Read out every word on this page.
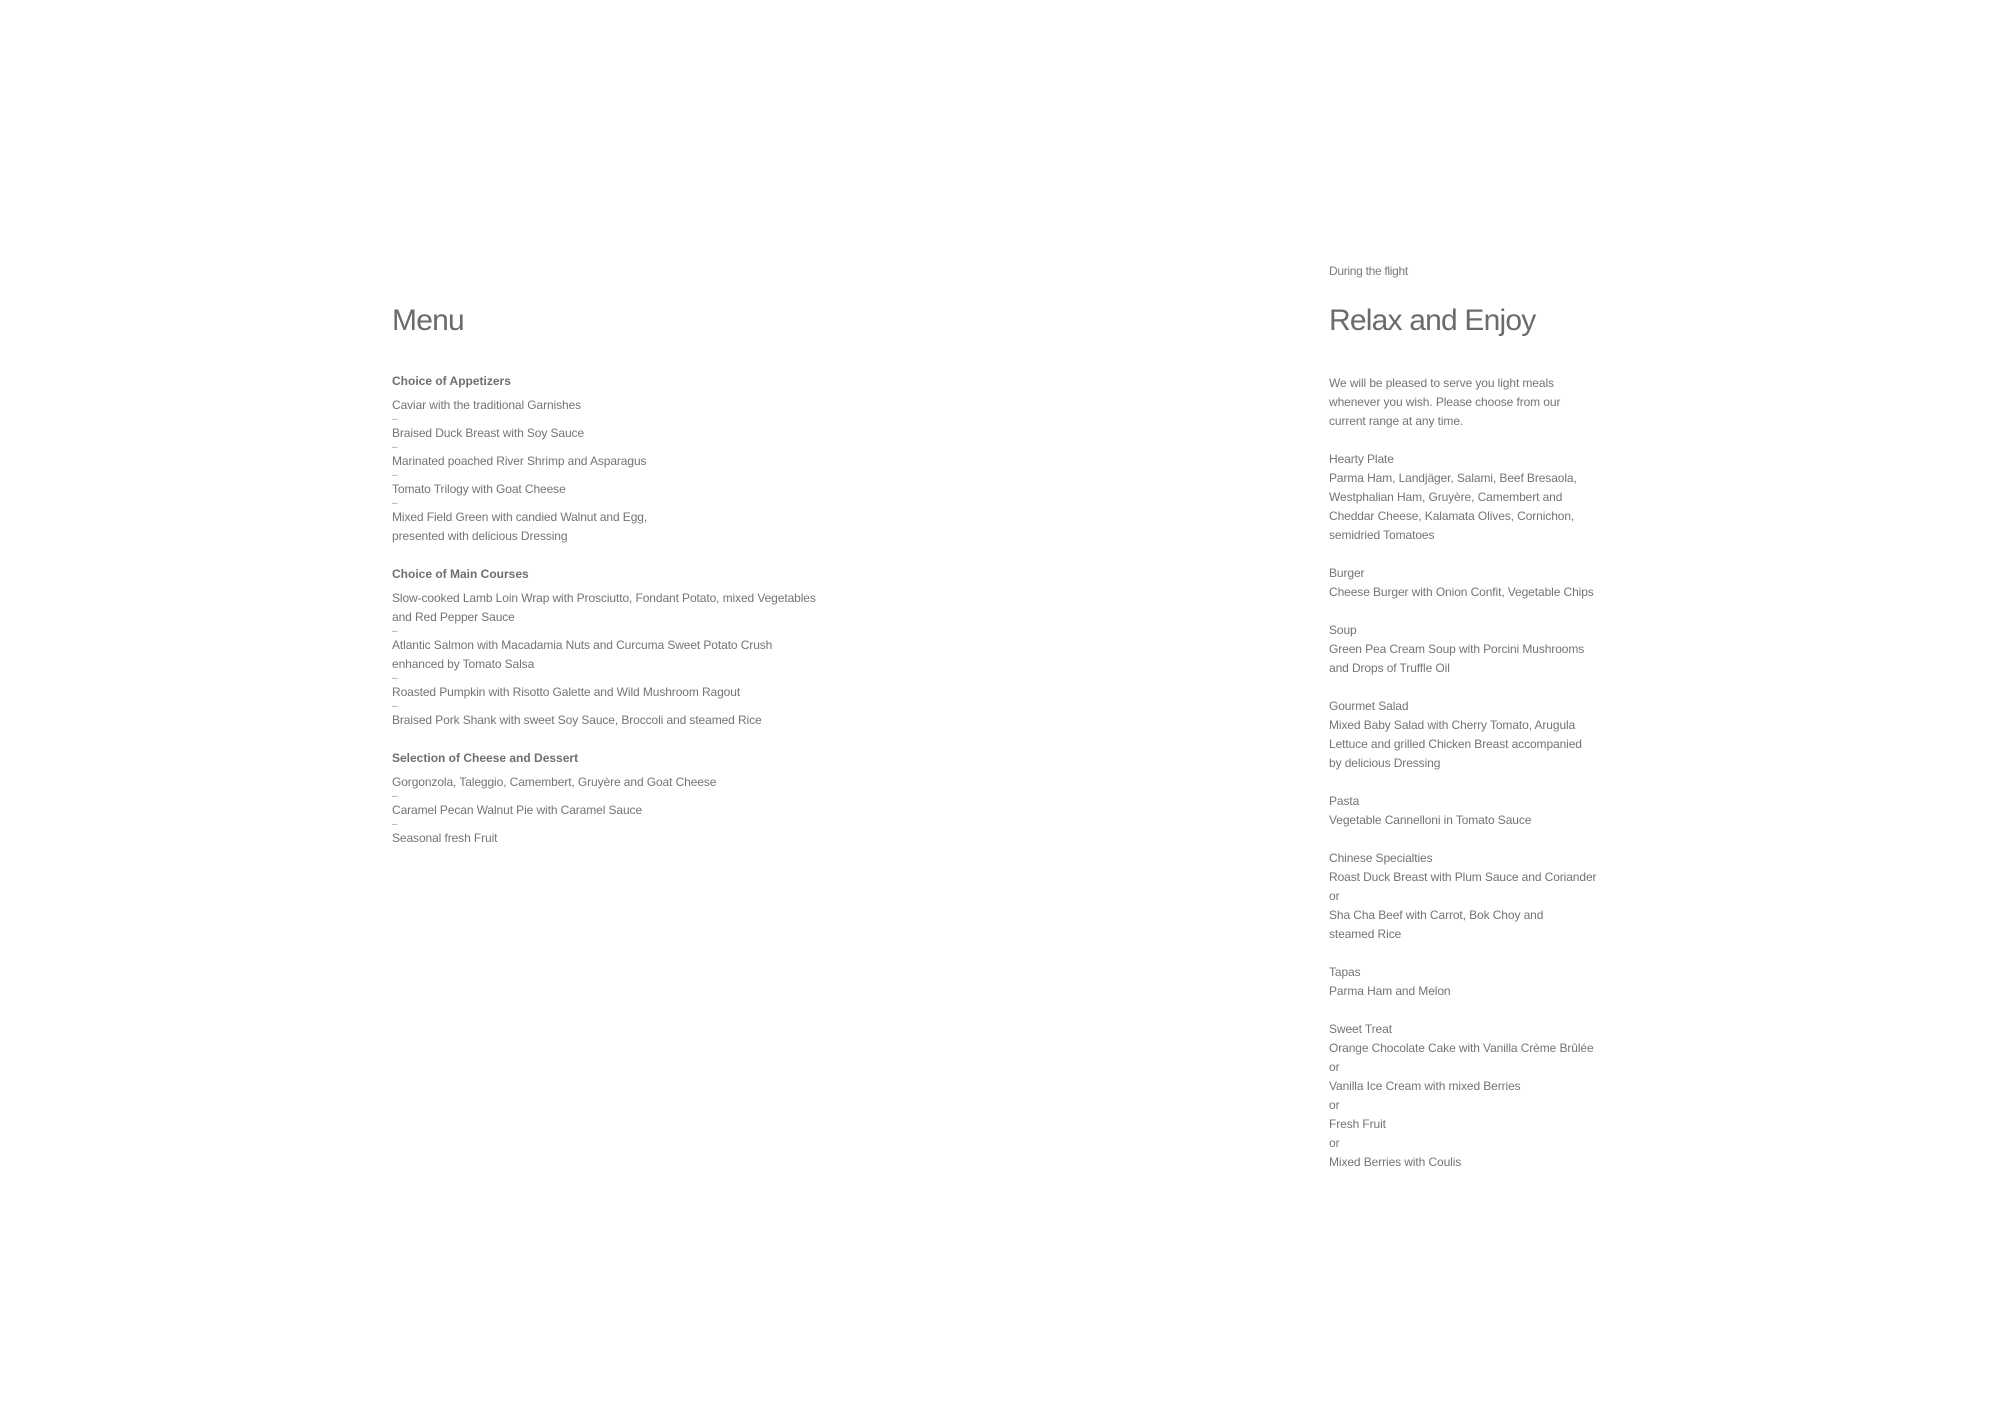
Menu
Choice of Appetizers
Caviar with the traditional Garnishes
–
Braised Duck Breast with Soy Sauce
–
Marinated poached River Shrimp and Asparagus
–
Tomato Trilogy with Goat Cheese
–
Mixed Field Green with candied Walnut and Egg,
presented with delicious Dressing
Choice of Main Courses
Slow-cooked Lamb Loin Wrap with Prosciutto, Fondant Potato, mixed Vegetables
and Red Pepper Sauce
–
Atlantic Salmon with Macadamia Nuts and Curcuma Sweet Potato Crush
enhanced by Tomato Salsa
–
Roasted Pumpkin with Risotto Galette and Wild Mushroom Ragout
–
Braised Pork Shank with sweet Soy Sauce, Broccoli and steamed Rice
Selection of Cheese and Dessert
Gorgonzola, Taleggio, Camembert, Gruyère and Goat Cheese
–
Caramel Pecan Walnut Pie with Caramel Sauce
–
Seasonal fresh Fruit
During the flight
Relax and Enjoy
We will be pleased to serve you light meals
whenever you wish. Please choose from our
current range at any time.
Hearty Plate
Parma Ham, Landjäger, Salami, Beef Bresaola,
Westphalian Ham, Gruyère, Camembert and
Cheddar Cheese, Kalamata Olives, Cornichon,
semidried Tomatoes
Burger
Cheese Burger with Onion Confit, Vegetable Chips
Soup
Green Pea Cream Soup with Porcini Mushrooms
and Drops of Truffle Oil
Gourmet Salad
Mixed Baby Salad with Cherry Tomato, Arugula
Lettuce and grilled Chicken Breast accompanied
by delicious Dressing
Pasta
Vegetable Cannelloni in Tomato Sauce
Chinese Specialties
Roast Duck Breast with Plum Sauce and Coriander
or
Sha Cha Beef with Carrot, Bok Choy and
steamed Rice
Tapas
Parma Ham and Melon
Sweet Treat
Orange Chocolate Cake with Vanilla Crème Brûlée
or
Vanilla Ice Cream with mixed Berries
or
Fresh Fruit
or
Mixed Berries with Coulis
